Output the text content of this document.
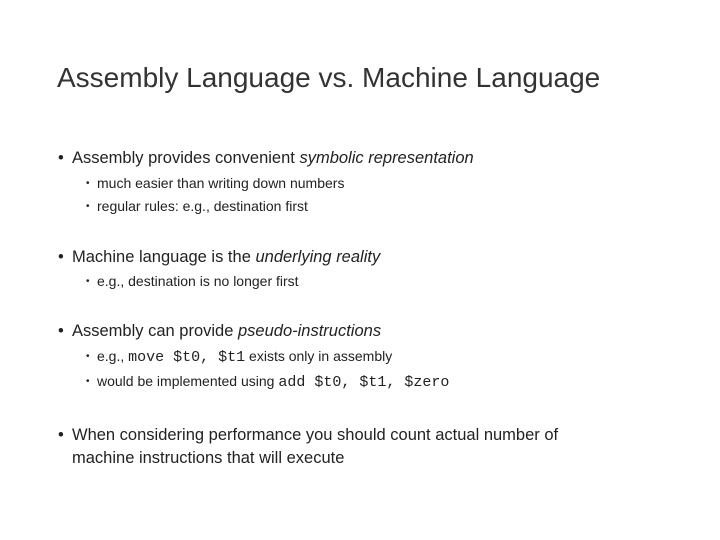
Assembly Language vs. Machine Language
• Assembly provides convenient symbolic representation
• much easier than writing down numbers
• regular rules: e.g., destination first
• Machine language is the underlying reality
• e.g., destination is no longer first
• Assembly can provide pseudo-instructions
• e.g., move $t0, $t1 exists only in assembly
• would be implemented using add $t0, $t1, $zero
• When considering performance you should count actual number of
machine instructions that will execute
